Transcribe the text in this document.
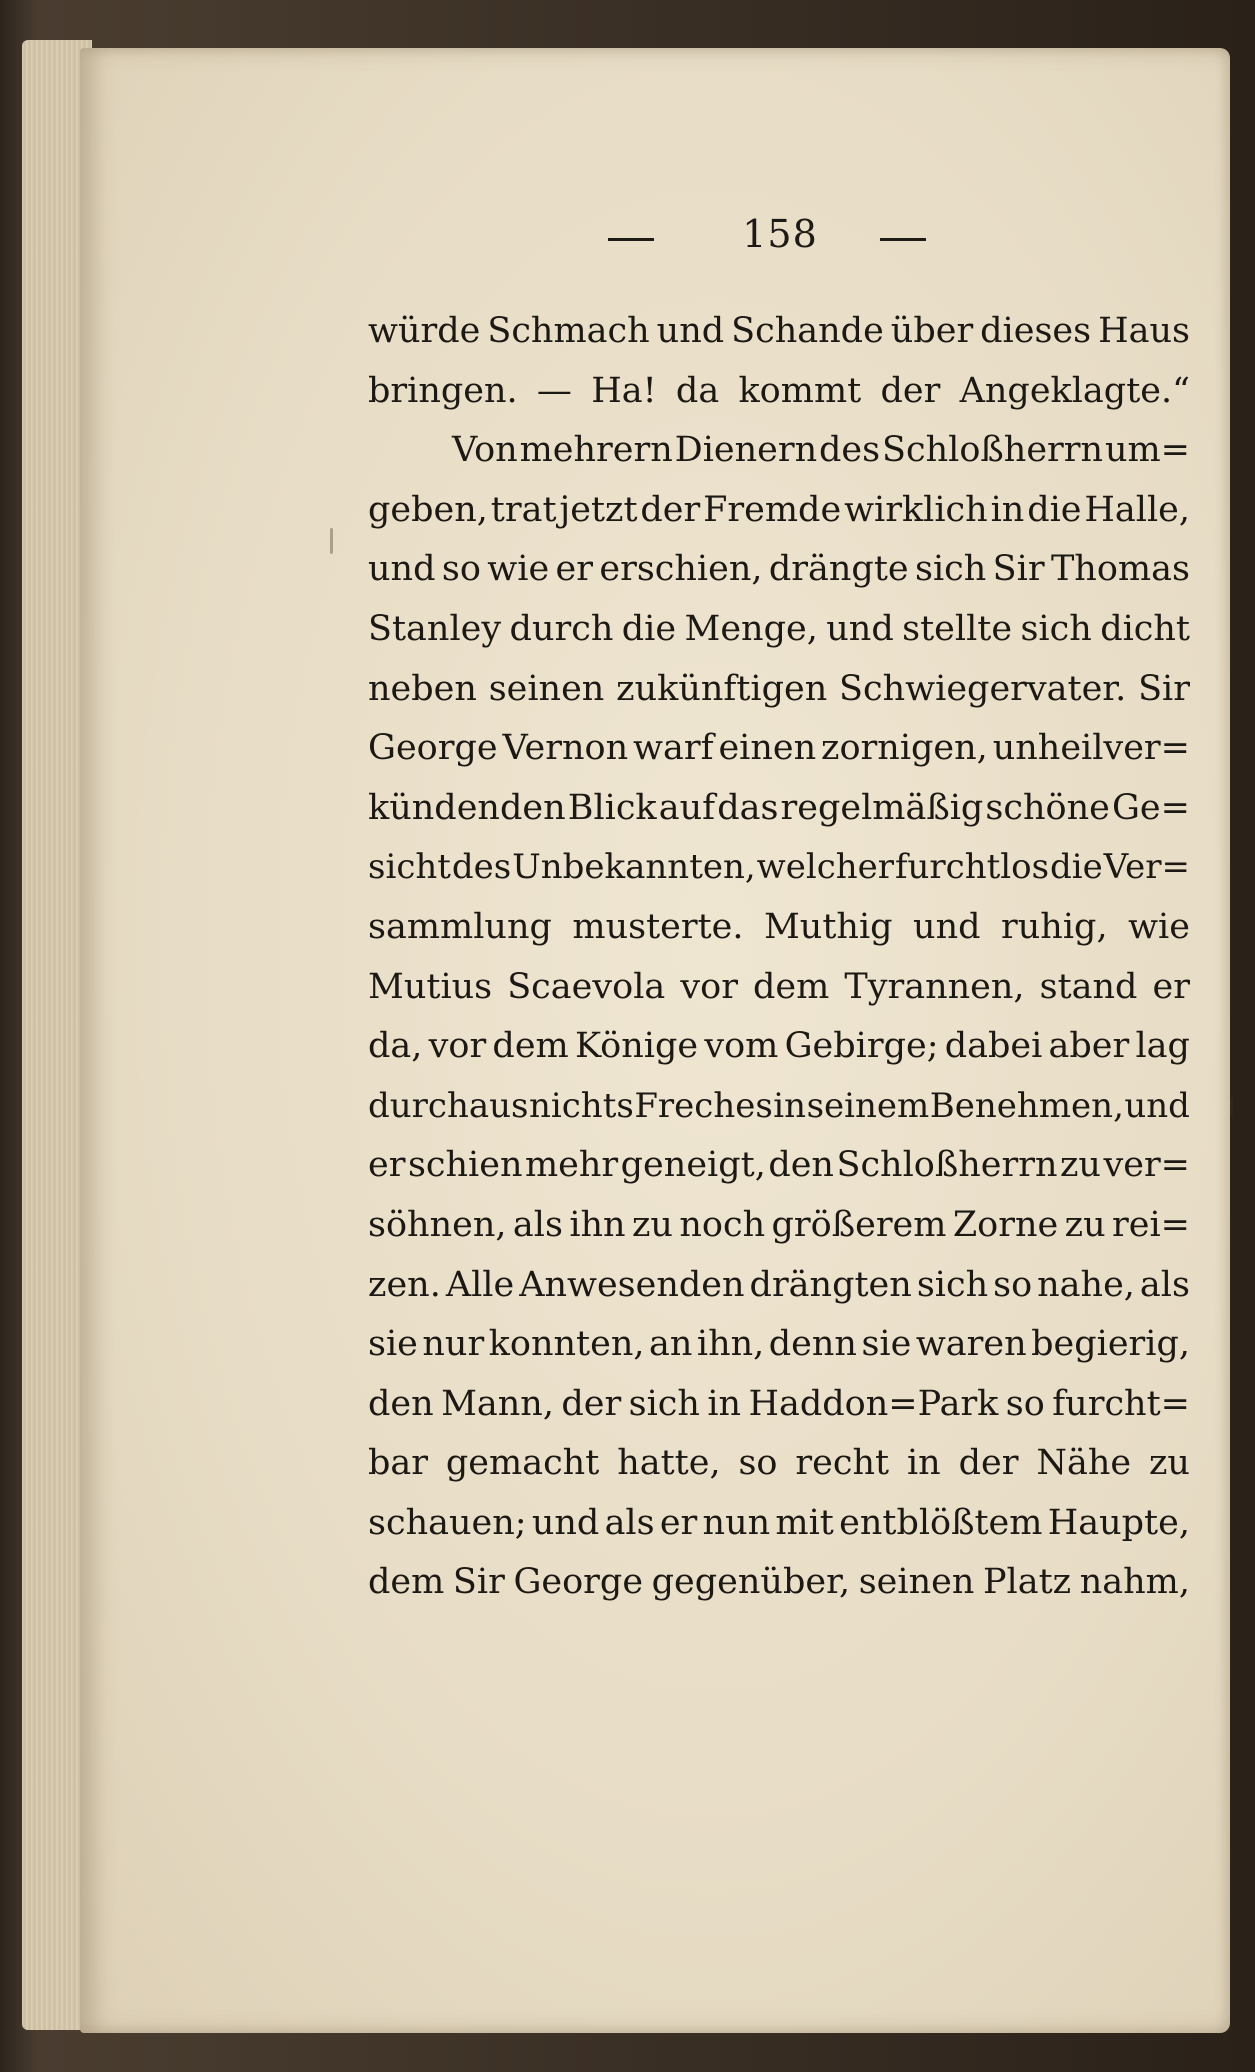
158
würde Schmach und Schande über dieses Haus
bringen. — Ha! da kommt der Angeklagte.“
Von mehrern Dienern des Schloßherrn um=
geben, trat jetzt der Fremde wirklich in die Halle,
und so wie er erschien, drängte sich Sir Thomas
Stanley durch die Menge, und stellte sich dicht
neben seinen zukünftigen Schwiegervater. Sir
George Vernon warf einen zornigen, unheilver=
kündenden Blick auf das regelmäßig schöne Ge=
sicht des Unbekannten, welcher furchtlos die Ver=
sammlung musterte. Muthig und ruhig, wie
Mutius Scaevola vor dem Tyrannen, stand er
da, vor dem Könige vom Gebirge; dabei aber lag
durchaus nichts Freches in seinem Benehmen, und
er schien mehr geneigt, den Schloßherrn zu ver=
söhnen, als ihn zu noch größerem Zorne zu rei=
zen. Alle Anwesenden drängten sich so nahe, als
sie nur konnten, an ihn, denn sie waren begierig,
den Mann, der sich in Haddon=Park so furcht=
bar gemacht hatte, so recht in der Nähe zu
schauen; und als er nun mit entblößtem Haupte,
dem Sir George gegenüber, seinen Platz nahm,
